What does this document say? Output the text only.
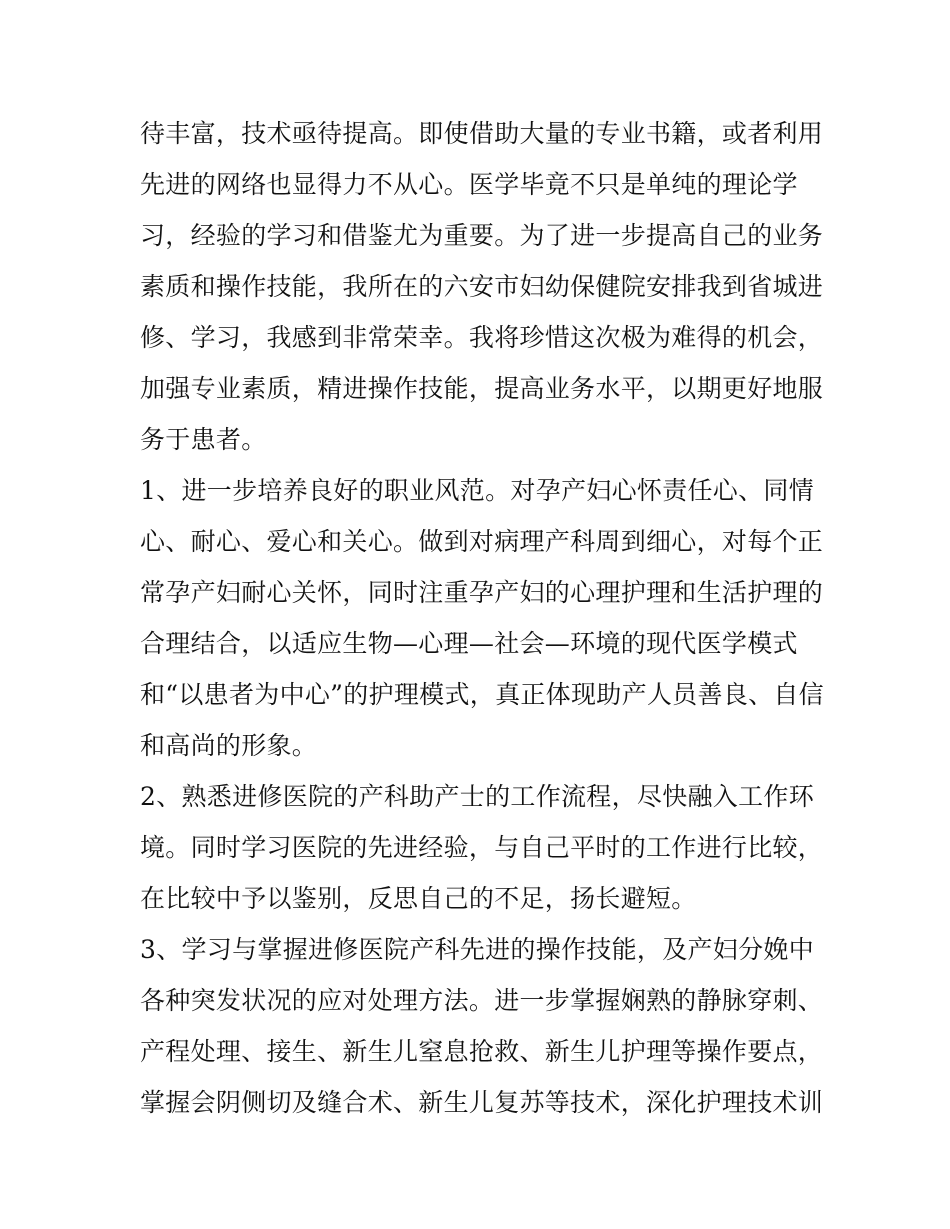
待丰富，技术亟待提高。即使借助大量的专业书籍，或者利用
先进的网络也显得力不从心。医学毕竟不只是单纯的理论学
习，经验的学习和借鉴尤为重要。为了进一步提高自己的业务
素质和操作技能，我所在的六安市妇幼保健院安排我到省城进
修、学习，我感到非常荣幸。我将珍惜这次极为难得的机会，
加强专业素质，精进操作技能，提高业务水平，以期更好地服
务于患者。
1、进一步培养良好的职业风范。对孕产妇心怀责任心、同情
心、耐心、爱心和关心。做到对病理产科周到细心，对每个正
常孕产妇耐心关怀，同时注重孕产妇的心理护理和生活护理的
合理结合，以适应生物—心理—社会—环境的现代医学模式
和“以患者为中心”的护理模式，真正体现助产人员善良、自信
和高尚的形象。
2、熟悉进修医院的产科助产士的工作流程，尽快融入工作环
境。同时学习医院的先进经验，与自己平时的工作进行比较，
在比较中予以鉴别，反思自己的不足，扬长避短。
3、学习与掌握进修医院产科先进的操作技能，及产妇分娩中
各种突发状况的应对处理方法。进一步掌握娴熟的静脉穿刺、
产程处理、接生、新生儿窒息抢救、新生儿护理等操作要点，
掌握会阴侧切及缝合术、新生儿复苏等技术，深化护理技术训
